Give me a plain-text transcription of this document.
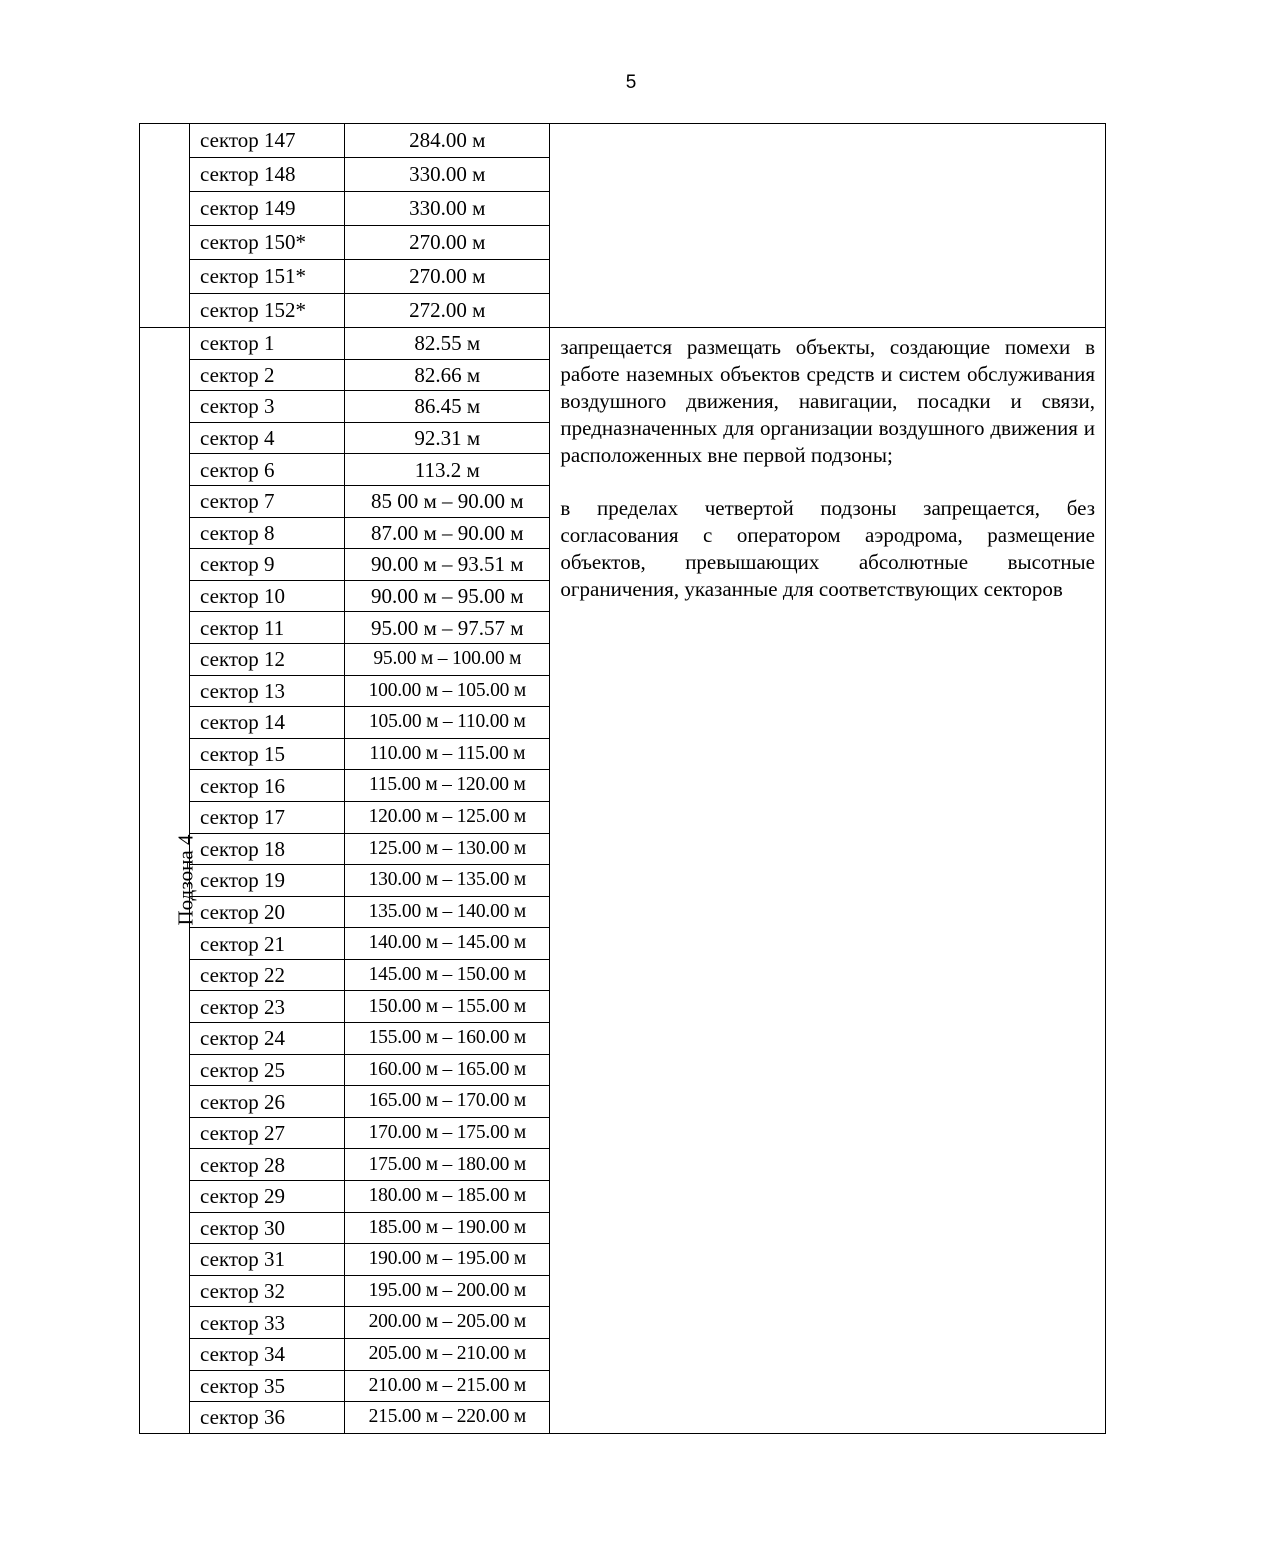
5
	сектор 147	284.00 м	
	сектор 148	330.00 м	
	сектор 149	330.00 м	
	сектор 150*	270.00 м	
	сектор 151*	270.00 м	
	сектор 152*	272.00 м	
Подзона 4	сектор 1	82.55 м	запрещается размещать объекты, создающие помехи в работе наземных объектов средств и систем обслуживания воздушного движения, навигации, посадки и связи, предназначенных для организации воздушного движения и расположенных вне первой подзоны;

в пределах четвертой подзоны запрещается, без согласования с оператором аэродрома, размещение объектов, превышающих абсолютные высотные ограничения, указанные для соответствующих секторов

	сектор 2	82.66 м	
	сектор 3	86.45 м	
	сектор 4	92.31 м	
	сектор 6	113.2 м	
	сектор 7	85 00 м – 90.00 м	
	сектор 8	87.00 м – 90.00 м	
	сектор 9	90.00 м – 93.51 м	
	сектор 10	90.00 м – 95.00 м	
	сектор 11	95.00 м – 97.57 м	
	сектор 12	95.00 м – 100.00 м	
	сектор 13	100.00 м – 105.00 м	
	сектор 14	105.00 м – 110.00 м	
	сектор 15	110.00 м – 115.00 м	
	сектор 16	115.00 м – 120.00 м	
	сектор 17	120.00 м – 125.00 м	
	сектор 18	125.00 м – 130.00 м	
	сектор 19	130.00 м – 135.00 м	
	сектор 20	135.00 м – 140.00 м	
	сектор 21	140.00 м – 145.00 м	
	сектор 22	145.00 м – 150.00 м	
	сектор 23	150.00 м – 155.00 м	
	сектор 24	155.00 м – 160.00 м	
	сектор 25	160.00 м – 165.00 м	
	сектор 26	165.00 м – 170.00 м	
	сектор 27	170.00 м – 175.00 м	
	сектор 28	175.00 м – 180.00 м	
	сектор 29	180.00 м – 185.00 м	
	сектор 30	185.00 м – 190.00 м	
	сектор 31	190.00 м – 195.00 м	
	сектор 32	195.00 м – 200.00 м	
	сектор 33	200.00 м – 205.00 м	
	сектор 34	205.00 м – 210.00 м	
	сектор 35	210.00 м – 215.00 м	
	сектор 36	215.00 м – 220.00 м	
